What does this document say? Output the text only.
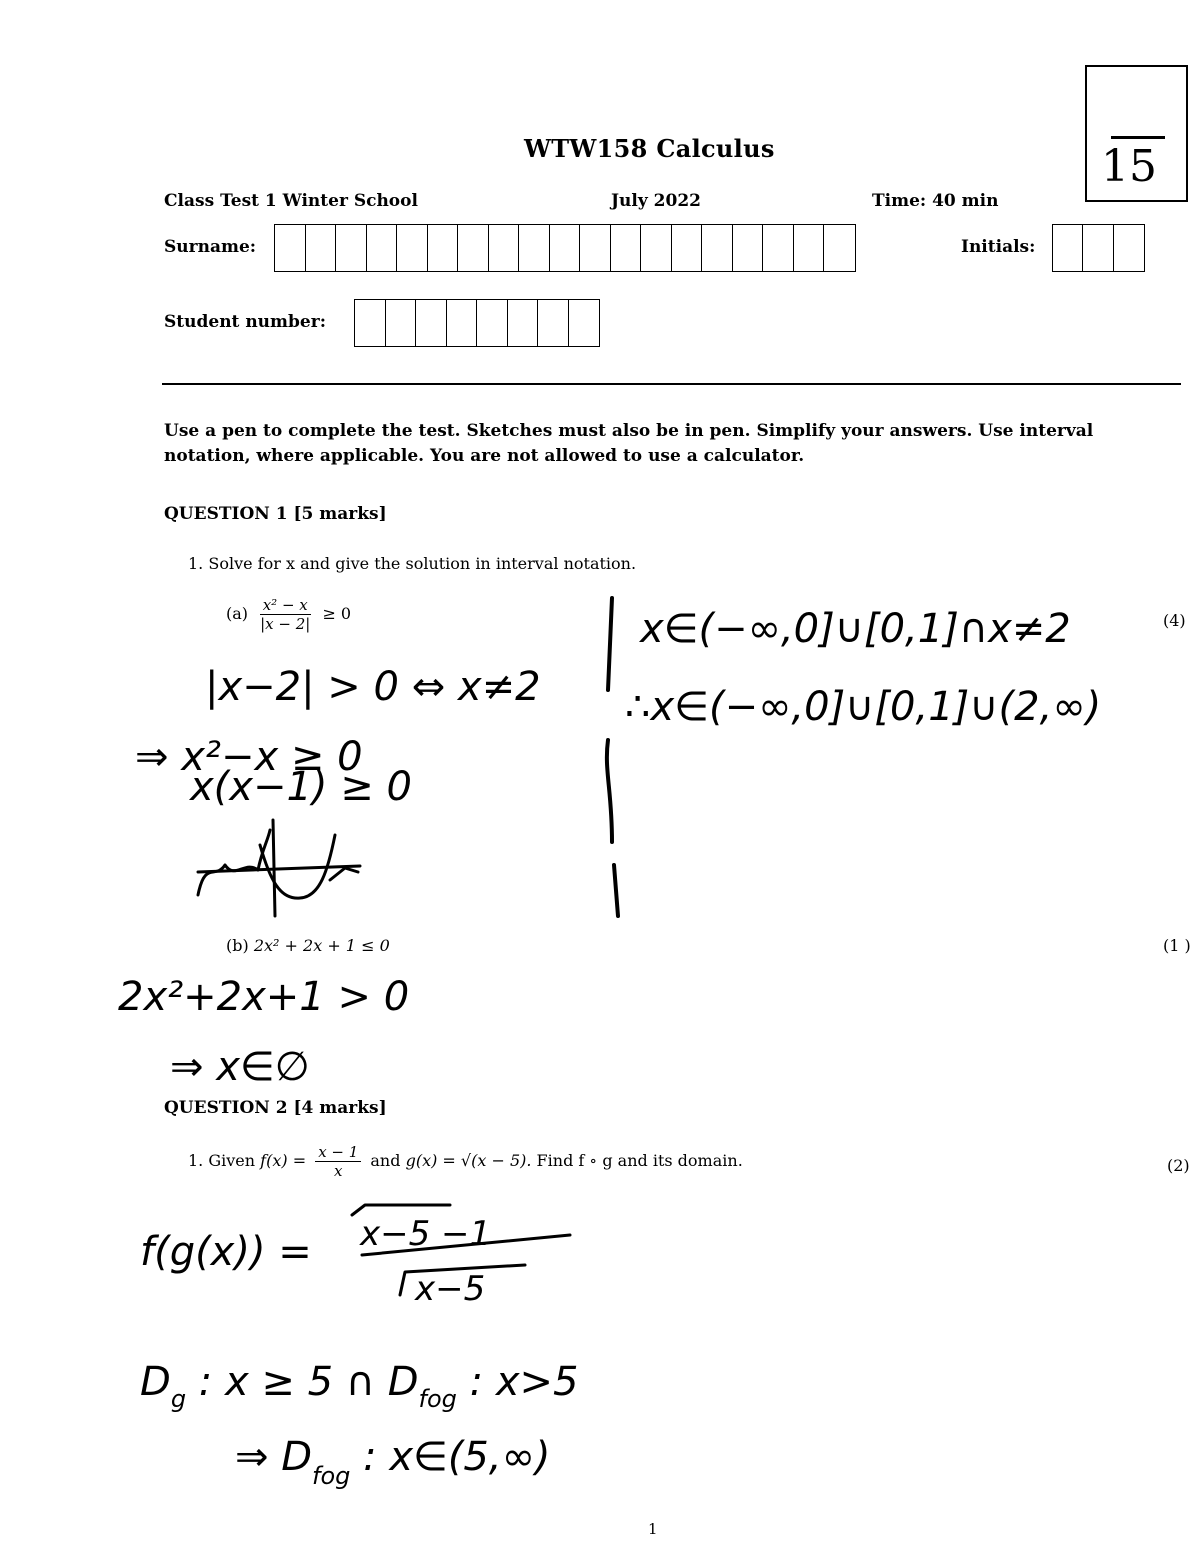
15
WTW158 Calculus
Class Test 1 Winter School	July 2022	Time: 40 min
Surname:	Initials:
Student number:
Use a pen to complete the test. Sketches must also be in pen. Simplify your answers. Use interval notation, where applicable. You are not allowed to use a calculator.
QUESTION 1 [5 marks]
1. Solve for x and give the solution in interval notation.
$(a) \frac{\text{x² − x}}{|x - 2|} \ge 0$	(4)
(b) 2x² + 2x + 1 ≤ 0	(1 )
QUESTION 2 [4 marks]
1. Given $f(x) = \frac{x - 1}{x}$ and g(x) = √(x − 5). Find f ∘ g and its domain.	(2)
x∈(−∞,0]∪[0,1]∩x≠2
∴x∈(−∞,0]∪[0,1]∪(2,∞)
|x−2| > 0 ⇔ x≠2
⇒ x²−x ≥ 0
x(x−1) ≥ 0
2x²+2x+1 > 0
⇒ x∈∅
f(g(x)) = x−5 −1
x−5
$D_g$ : x ≥ 5 ∩ $D_{fog}$ : x>5
⇒ $D_{fog}$ : x∈(5,∞)
1
